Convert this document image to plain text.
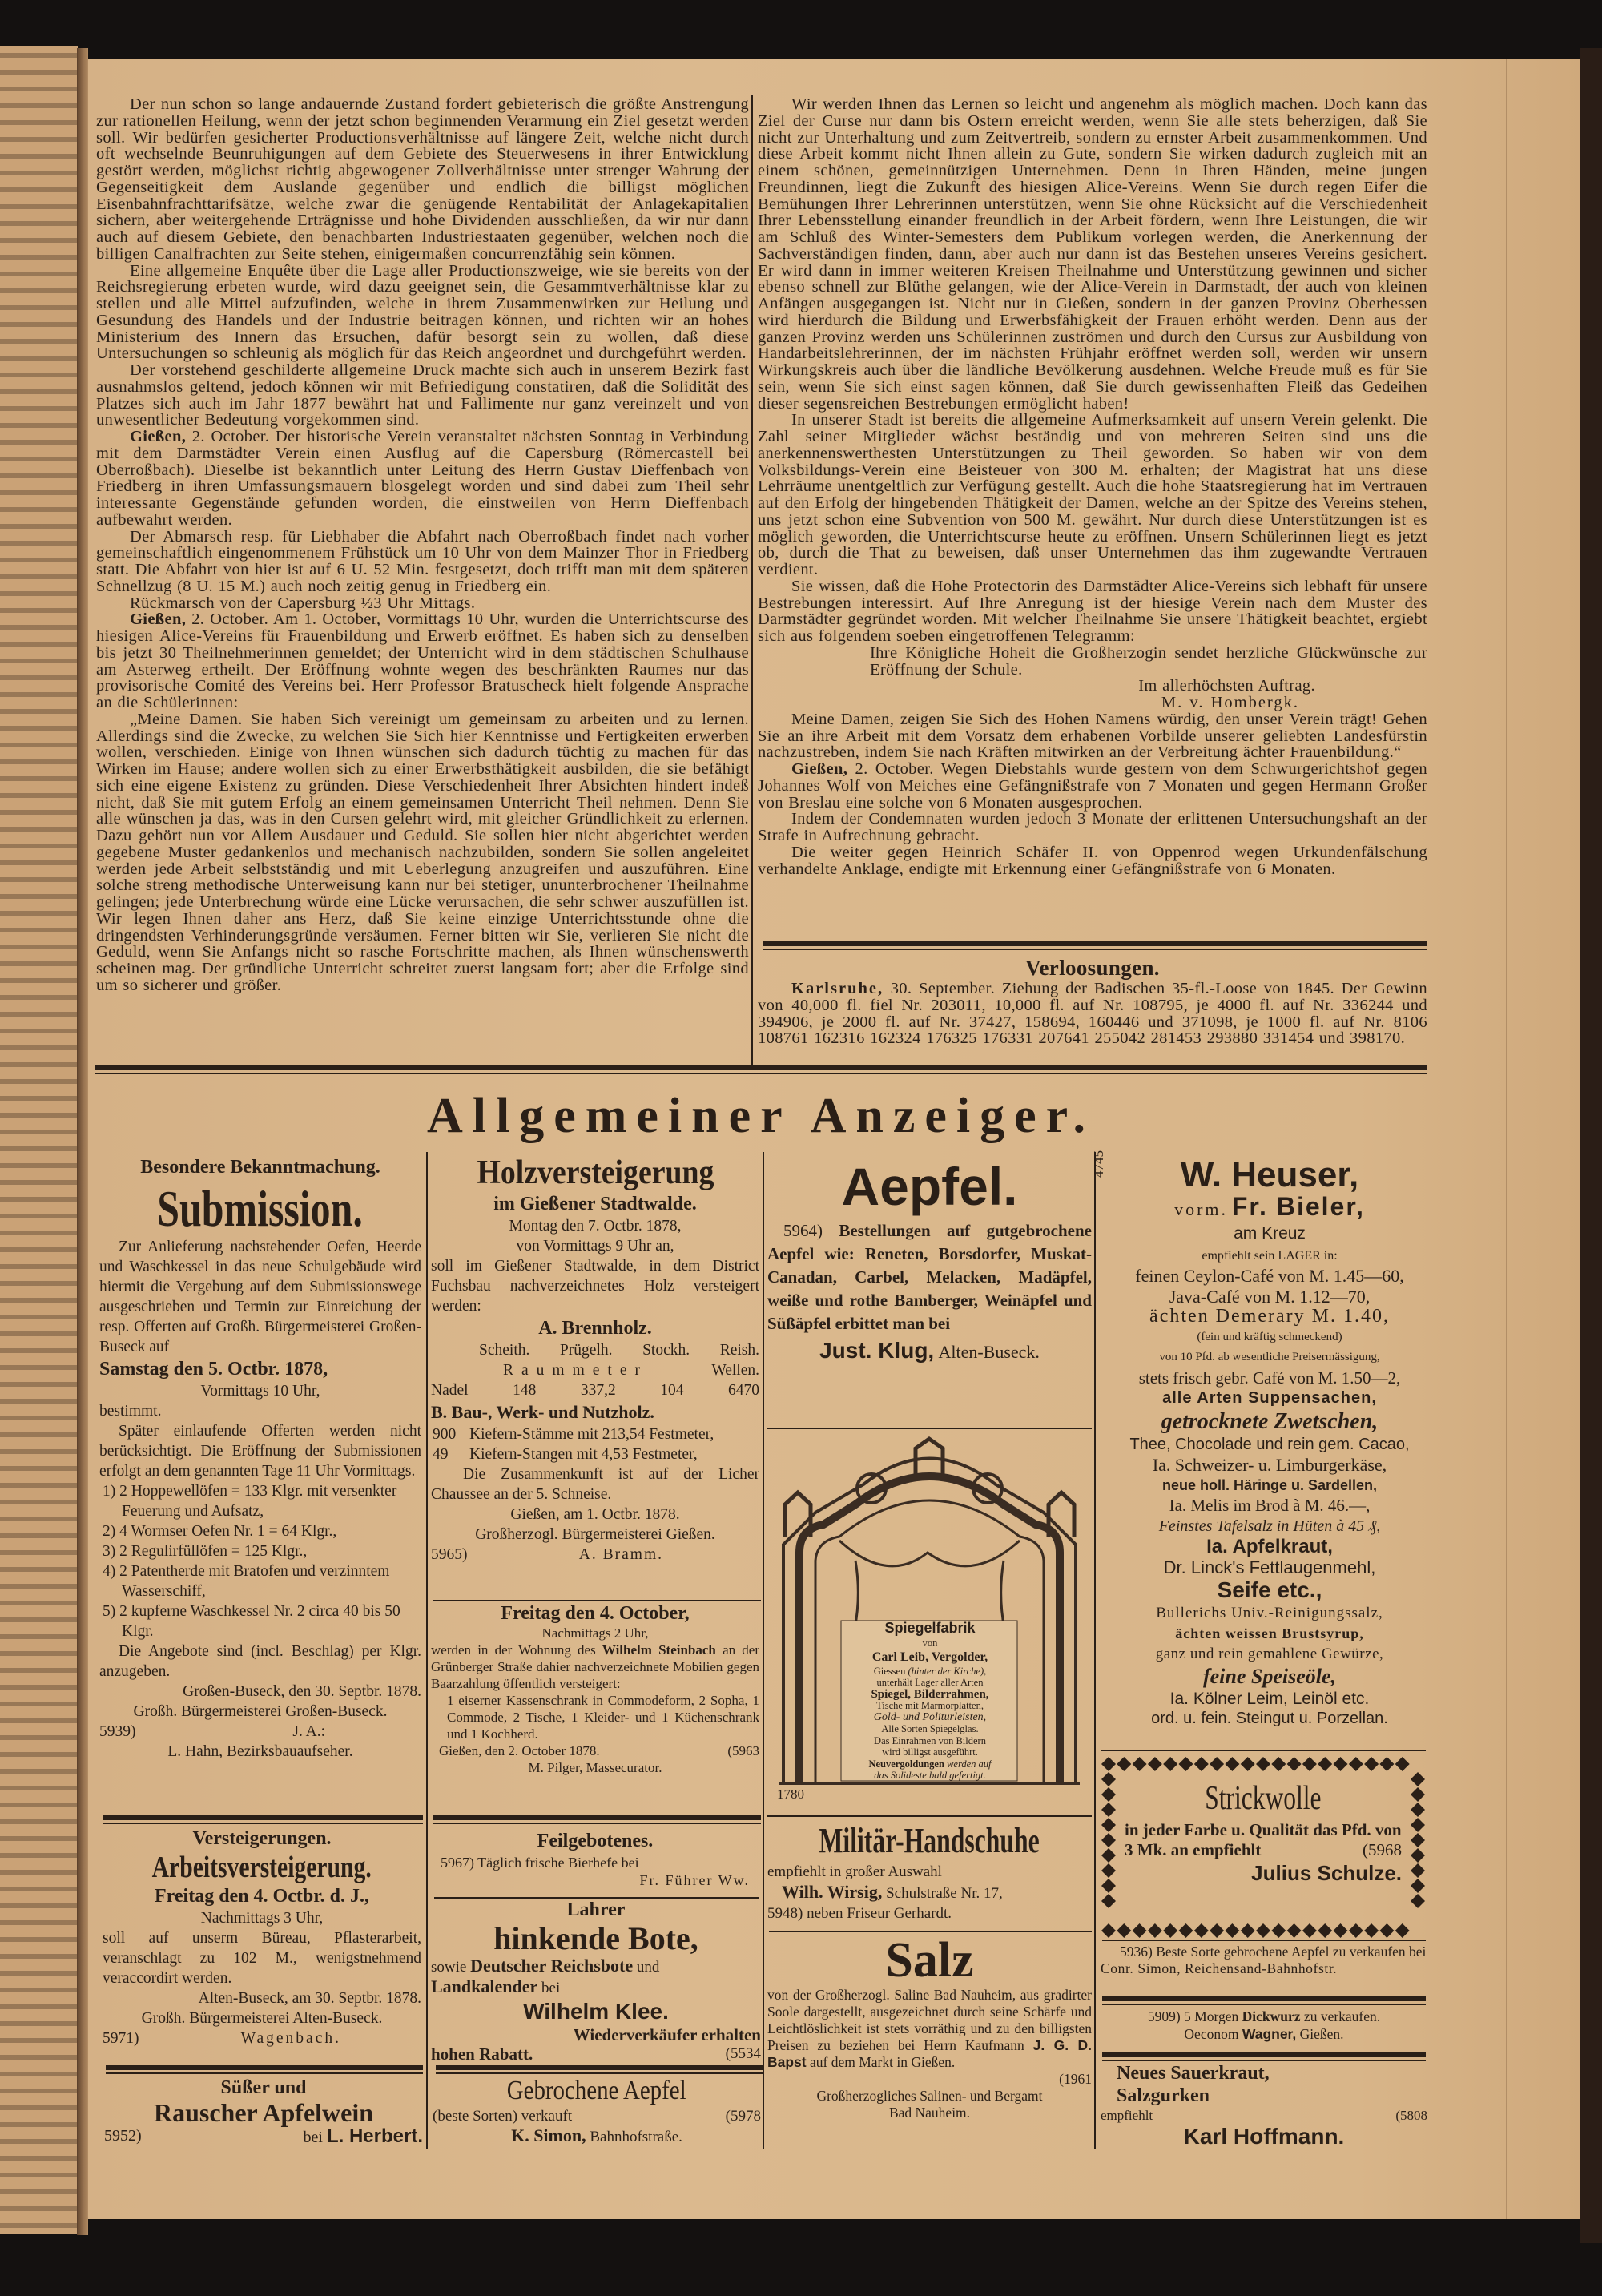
Der nun schon so lange andauernde Zustand fordert gebieterisch die größte Anstrengung zur rationellen Heilung, wenn der jetzt schon beginnenden Verarmung ein Ziel gesetzt werden soll. Wir bedürfen gesicherter Productionsverhältnisse auf längere Zeit, welche nicht durch oft wechselnde Beunruhigungen auf dem Gebiete des Steuerwesens in ihrer Entwicklung gestört werden, möglichst richtig abgewogener Zollverhältnisse unter strenger Wahrung der Gegenseitigkeit dem Auslande gegenüber und endlich die billigst möglichen Eisenbahnfrachttarifsätze, welche zwar die genügende Rentabilität der Anlagekapitalien sichern, aber weitergehende Erträgnisse und hohe Dividenden ausschließen, da wir nur dann auch auf diesem Gebiete, den benachbarten Industriestaaten gegenüber, welchen noch die billigen Canalfrachten zur Seite stehen, einigermaßen concurrenzfähig sein können.

Eine allgemeine Enquête über die Lage aller Productionszweige, wie sie bereits von der Reichsregierung erbeten wurde, wird dazu geeignet sein, die Gesammtverhältnisse klar zu stellen und alle Mittel aufzufinden, welche in ihrem Zusammenwirken zur Heilung und Gesundung des Handels und der Industrie beitragen können, und richten wir an hohes Ministerium des Innern das Ersuchen, dafür besorgt sein zu wollen, daß diese Untersuchungen so schleunig als möglich für das Reich angeordnet und durchgeführt werden.

Der vorstehend geschilderte allgemeine Druck machte sich auch in unserem Bezirk fast ausnahmslos geltend, jedoch können wir mit Befriedigung constatiren, daß die Solidität des Platzes sich auch im Jahr 1877 bewährt hat und Fallimente nur ganz vereinzelt und von unwesentlicher Bedeutung vorgekommen sind.

Gießen, 2. October. Der historische Verein veranstaltet nächsten Sonntag in Verbindung mit dem Darmstädter Verein einen Ausflug auf die Capersburg (Römercastell bei Oberroßbach). Dieselbe ist bekanntlich unter Leitung des Herrn Gustav Dieffenbach von Friedberg in ihren Umfassungsmauern blosgelegt worden und sind dabei zum Theil sehr interessante Gegenstände gefunden worden, die einstweilen von Herrn Dieffenbach aufbewahrt werden.

Der Abmarsch resp. für Liebhaber die Abfahrt nach Oberroßbach findet nach vorher gemeinschaftlich eingenommenem Frühstück um 10 Uhr von dem Mainzer Thor in Friedberg statt. Die Abfahrt von hier ist auf 6 U. 52 Min. festgesetzt, doch trifft man mit dem späteren Schnellzug (8 U. 15 M.) auch noch zeitig genug in Friedberg ein.

Rückmarsch von der Capersburg ½3 Uhr Mittags.

Gießen, 2. October. Am 1. October, Vormittags 10 Uhr, wurden die Unterrichtscurse des hiesigen Alice-Vereins für Frauenbildung und Erwerb eröffnet. Es haben sich zu denselben bis jetzt 30 Theilnehmerinnen gemeldet; der Unterricht wird in dem städtischen Schulhause am Asterweg ertheilt. Der Eröffnung wohnte wegen des beschränkten Raumes nur das provisorische Comité des Vereins bei. Herr Professor Bratuscheck hielt folgende Ansprache an die Schülerinnen:

„Meine Damen. Sie haben Sich vereinigt um gemeinsam zu arbeiten und zu lernen. Allerdings sind die Zwecke, zu welchen Sie Sich hier Kenntnisse und Fertigkeiten erwerben wollen, verschieden. Einige von Ihnen wünschen sich dadurch tüchtig zu machen für das Wirken im Hause; andere wollen sich zu einer Erwerbsthätigkeit ausbilden, die sie befähigt sich eine eigene Existenz zu gründen. Diese Verschiedenheit Ihrer Absichten hindert indeß nicht, daß Sie mit gutem Erfolg an einem gemeinsamen Unterricht Theil nehmen. Denn Sie alle wünschen ja das, was in den Cursen gelehrt wird, mit gleicher Gründlichkeit zu erlernen. Dazu gehört nun vor Allem Ausdauer und Geduld. Sie sollen hier nicht abgerichtet werden gegebene Muster gedankenlos und mechanisch nachzubilden, sondern Sie sollen angeleitet werden jede Arbeit selbstständig und mit Ueberlegung anzugreifen und auszuführen. Eine solche streng methodische Unterweisung kann nur bei stetiger, ununterbrochener Theilnahme gelingen; jede Unterbrechung würde eine Lücke verursachen, die sehr schwer auszufüllen ist. Wir legen Ihnen daher ans Herz, daß Sie keine einzige Unterrichtsstunde ohne die dringendsten Verhinderungsgründe versäumen. Ferner bitten wir Sie, verlieren Sie nicht die Geduld, wenn Sie Anfangs nicht so rasche Fortschritte machen, als Ihnen wünschenswerth scheinen mag. Der gründliche Unterricht schreitet zuerst langsam fort; aber die Erfolge sind um so sicherer und größer.

Wir werden Ihnen das Lernen so leicht und angenehm als möglich machen. Doch kann das Ziel der Curse nur dann bis Ostern erreicht werden, wenn Sie alle stets beherzigen, daß Sie nicht zur Unterhaltung und zum Zeitvertreib, sondern zu ernster Arbeit zusammenkommen. Und diese Arbeit kommt nicht Ihnen allein zu Gute, sondern Sie wirken dadurch zugleich mit an einem schönen, gemeinnützigen Unternehmen. Denn in Ihren Händen, meine jungen Freundinnen, liegt die Zukunft des hiesigen Alice-Vereins. Wenn Sie durch regen Eifer die Bemühungen Ihrer Lehrerinnen unterstützen, wenn Sie ohne Rücksicht auf die Verschiedenheit Ihrer Lebensstellung einander freundlich in der Arbeit fördern, wenn Ihre Leistungen, die wir am Schluß des Winter-Semesters dem Publikum vorlegen werden, die Anerkennung der Sachverständigen finden, dann, aber auch nur dann ist das Bestehen unseres Vereins gesichert. Er wird dann in immer weiteren Kreisen Theilnahme und Unterstützung gewinnen und sicher ebenso schnell zur Blüthe gelangen, wie der Alice-Verein in Darmstadt, der auch von kleinen Anfängen ausgegangen ist. Nicht nur in Gießen, sondern in der ganzen Provinz Oberhessen wird hierdurch die Bildung und Erwerbsfähigkeit der Frauen erhöht werden. Denn aus der ganzen Provinz werden uns Schülerinnen zuströmen und durch den Cursus zur Ausbildung von Handarbeitslehrerinnen, der im nächsten Frühjahr eröffnet werden soll, werden wir unsern Wirkungskreis auch über die ländliche Bevölkerung ausdehnen. Welche Freude muß es für Sie sein, wenn Sie sich einst sagen können, daß Sie durch gewissenhaften Fleiß das Gedeihen dieser segensreichen Bestrebungen ermöglicht haben!

In unserer Stadt ist bereits die allgemeine Aufmerksamkeit auf unsern Verein gelenkt. Die Zahl seiner Mitglieder wächst beständig und von mehreren Seiten sind uns die anerkennenswerthesten Unterstützungen zu Theil geworden. So haben wir von dem Volksbildungs-Verein eine Beisteuer von 300 M. erhalten; der Magistrat hat uns diese Lehrräume unentgeltlich zur Verfügung gestellt. Auch die hohe Staatsregierung hat im Vertrauen auf den Erfolg der hingebenden Thätigkeit der Damen, welche an der Spitze des Vereins stehen, uns jetzt schon eine Subvention von 500 M. gewährt. Nur durch diese Unterstützungen ist es möglich geworden, die Unterrichtscurse heute zu eröffnen. Unsern Schülerinnen liegt es jetzt ob, durch die That zu beweisen, daß unser Unternehmen das ihm zugewandte Vertrauen verdient.

Sie wissen, daß die Hohe Protectorin des Darmstädter Alice-Vereins sich lebhaft für unsere Bestrebungen interessirt. Auf Ihre Anregung ist der hiesige Verein nach dem Muster des Darmstädter gegründet worden. Mit welcher Theilnahme Sie unsere Thätigkeit beachtet, ergiebt sich aus folgendem soeben eingetroffenen Telegramm:

Ihre Königliche Hoheit die Großherzogin sendet herzliche Glückwünsche zur Eröffnung der Schule.

Im allerhöchsten Auftrag.

M. v. Hombergk.

Meine Damen, zeigen Sie Sich des Hohen Namens würdig, den unser Verein trägt! Gehen Sie an ihre Arbeit mit dem Vorsatz dem erhabenen Vorbilde unserer geliebten Landesfürstin nachzustreben, indem Sie nach Kräften mitwirken an der Verbreitung ächter Frauenbildung.“

Gießen, 2. October. Wegen Diebstahls wurde gestern von dem Schwurgerichtshof gegen Johannes Wolf von Meiches eine Gefängnißstrafe von 7 Monaten und gegen Hermann Großer von Breslau eine solche von 6 Monaten ausgesprochen.

Indem der Condemnaten wurden jedoch 3 Monate der erlittenen Untersuchungshaft an der Strafe in Aufrechnung gebracht.

Die weiter gegen Heinrich Schäfer II. von Oppenrod wegen Urkundenfälschung verhandelte Anklage, endigte mit Erkennung einer Gefängnißstrafe von 6 Monaten.

Verloosungen.

Karlsruhe, 30. September. Ziehung der Badischen 35-fl.-Loose von 1845. Der Gewinn von 40,000 fl. fiel Nr. 203011, 10,000 fl. auf Nr. 108795, je 4000 fl. auf Nr. 336244 und 394906, je 2000 fl. auf Nr. 37427, 158694, 160446 und 371098, je 1000 fl. auf Nr. 8106 108761 162316 162324 176325 176331 207641 255042 281453 293880 331454 und 398170.

Allgemeiner Anzeiger.

Besondere Bekanntmachung.

Submission.

Zur Anlieferung nachstehender Oefen, Heerde und Waschkessel in das neue Schulgebäude wird hiermit die Vergebung auf dem Submissionswege ausgeschrieben und Termin zur Einreichung der resp. Offerten auf Großh. Bürgermeisterei Großen-Buseck auf

Samstag den 5. Octbr. 1878,

Vormittags 10 Uhr,

bestimmt.

Später einlaufende Offerten werden nicht berücksichtigt. Die Eröffnung der Submissionen erfolgt an dem genannten Tage 11 Uhr Vormittags.

1) 2 Hoppewellöfen = 133 Klgr. mit versenkter Feuerung und Aufsatz,

2) 4 Wormser Oefen Nr. 1 = 64 Klgr.,

3) 2 Regulirfüllöfen = 125 Klgr.,

4) 2 Patentherde mit Bratofen und verzinntem Wasserschiff,

5) 2 kupferne Waschkessel Nr. 2 circa 40 bis 50 Klgr.

Die Angebote sind (incl. Beschlag) per Klgr. anzugeben.

Großen-Buseck, den 30. Septbr. 1878.

Großh. Bürgermeisterei Großen-Buseck.

5939)	J. A.:

L. Hahn, Bezirksbauaufseher.

Versteigerungen.

Arbeitsversteigerung.

Freitag den 4. Octbr. d. J.,

Nachmittags 3 Uhr,

soll auf unserm Büreau, Pflasterarbeit, veranschlagt zu 102 M., wenigstnehmend veraccordirt werden.

Alten-Buseck, am 30. Septbr. 1878.

Großh. Bürgermeisterei Alten-Buseck.

5971)	Wagenbach.

Süßer und

Rauscher Apfelwein

5952)	bei L. Herbert.

Holzversteigerung

im Gießener Stadtwalde.

Montag den 7. Octbr. 1878,

von Vormittags 9 Uhr an,

soll im Gießener Stadtwalde, in dem District Fuchsbau nachverzeichnetes Holz versteigert werden:

A. Brennholz.

Scheith. Prügelh. Stockh. Reish.
Raummeter	Wellen.
Nadel	148	337,2	104	6470

B. Bau-, Werk- und Nutzholz.

900 Kiefern-Stämme mit 213,54 Festmeter,

49 Kiefern-Stangen mit 4,53 Festmeter,

Die Zusammenkunft ist auf der Licher Chaussee an der 5. Schneise.

Gießen, am 1. Octbr. 1878.

Großherzogl. Bürgermeisterei Gießen.

5965)	A. Bramm.

Freitag den 4. October,

Nachmittags 2 Uhr,

werden in der Wohnung des Wilhelm Steinbach an der Grünberger Straße dahier nachverzeichnete Mobilien gegen Baarzahlung öffentlich versteigert:

1 eiserner Kassenschrank in Commodeform, 2 Sopha, 1 Commode, 2 Tische, 1 Kleider- und 1 Küchenschrank und 1 Kochherd.

Gießen, den 2. October 1878.	(5963

M. Pilger, Massecurator.

Feilgebotenes.

5967) Täglich frische Bierhefe bei

Fr. Führer Ww.

Lahrer

hinkende Bote,

sowie Deutscher Reichsbote und

Landkalender bei

Wilhelm Klee.

Wiederverkäufer erhalten

hohen Rabatt.	(5534

Gebrochene Aepfel

(beste Sorten) verkauft	(5978

K. Simon, Bahnhofstraße.

Aepfel.

5964) Bestellungen auf gutgebrochene Aepfel wie: Reneten, Borsdorfer, Muskat-Canadan, Carbel, Melacken, Madäpfel, weiße und rothe Bamberger, Weinäpfel und Süßäpfel erbittet man bei

Just. Klug, Alten-Buseck.

Spiegelfabrik

von

Carl Leib, Vergolder,

Giessen (hinter der Kirche),

unterhält Lager aller Arten

Spiegel, Bilderrahmen,

Tische mit Marmorplatten,

Gold- und Politurleisten,

Alle Sorten Spiegelglas.

Das Einrahmen von Bildern

wird billigst ausgeführt.

Neuvergoldungen werden auf

das Solideste bald gefertigt.

1780

Militär-Handschuhe

empfiehlt in großer Auswahl

Wilh. Wirsig, Schulstraße Nr. 17,

5948) neben Friseur Gerhardt.

Salz

von der Großherzogl. Saline Bad Nauheim, aus gradirter Soole dargestellt, ausgezeichnet durch seine Schärfe und Leichtlöslichkeit ist stets vorräthig und zu den billigsten Preisen zu beziehen bei Herrn Kaufmann J. G. D. Bapst auf dem Markt in Gießen.

(1961

Großherzogliches Salinen- und Bergamt

Bad Nauheim.

4745	W. Heuser,

vorm. Fr. Bieler,

am Kreuz

empfiehlt sein LAGER in:

feinen Ceylon-Café von M. 1.45—60,

Java-Café von M. 1.12—70,

ächten Demerary M. 1.40,

(fein und kräftig schmeckend)

von 10 Pfd. ab wesentliche Preisermässigung,

stets frisch gebr. Café von M. 1.50—2,

alle Arten Suppensachen,

getrocknete Zwetschen,

Thee, Chocolade und rein gem. Cacao,

Ia. Schweizer- u. Limburgerkäse,

neue holl. Häringe u. Sardellen,

Ia. Melis im Brod à M. 46.—,

Feinstes Tafelsalz in Hüten à 45 ₰,

Ia. Apfelkraut,

Dr. Linck's Fettlaugenmehl,

Seife etc.,

Bullerichs Univ.-Reinigungssalz,

ächten weissen Brustsyrup,

ganz und rein gemahlene Gewürze,

feine Speiseöle,

Ia. Kölner Leim, Leinöl etc.

ord. u. fein. Steingut u. Porzellan.

Strickwolle

in jeder Farbe u. Qualität das Pfd. von 3 Mk. an empfiehlt	(5968

Julius Schulze.

5936) Beste Sorte gebrochene Aepfel zu verkaufen bei

Conr. Simon, Reichensand-Bahnhofstr.

5909) 5 Morgen Dickwurz zu verkaufen.

Oeconom Wagner, Gießen.

Neues Sauerkraut,

Salzgurken

empfiehlt	(5808

Karl Hoffmann.
